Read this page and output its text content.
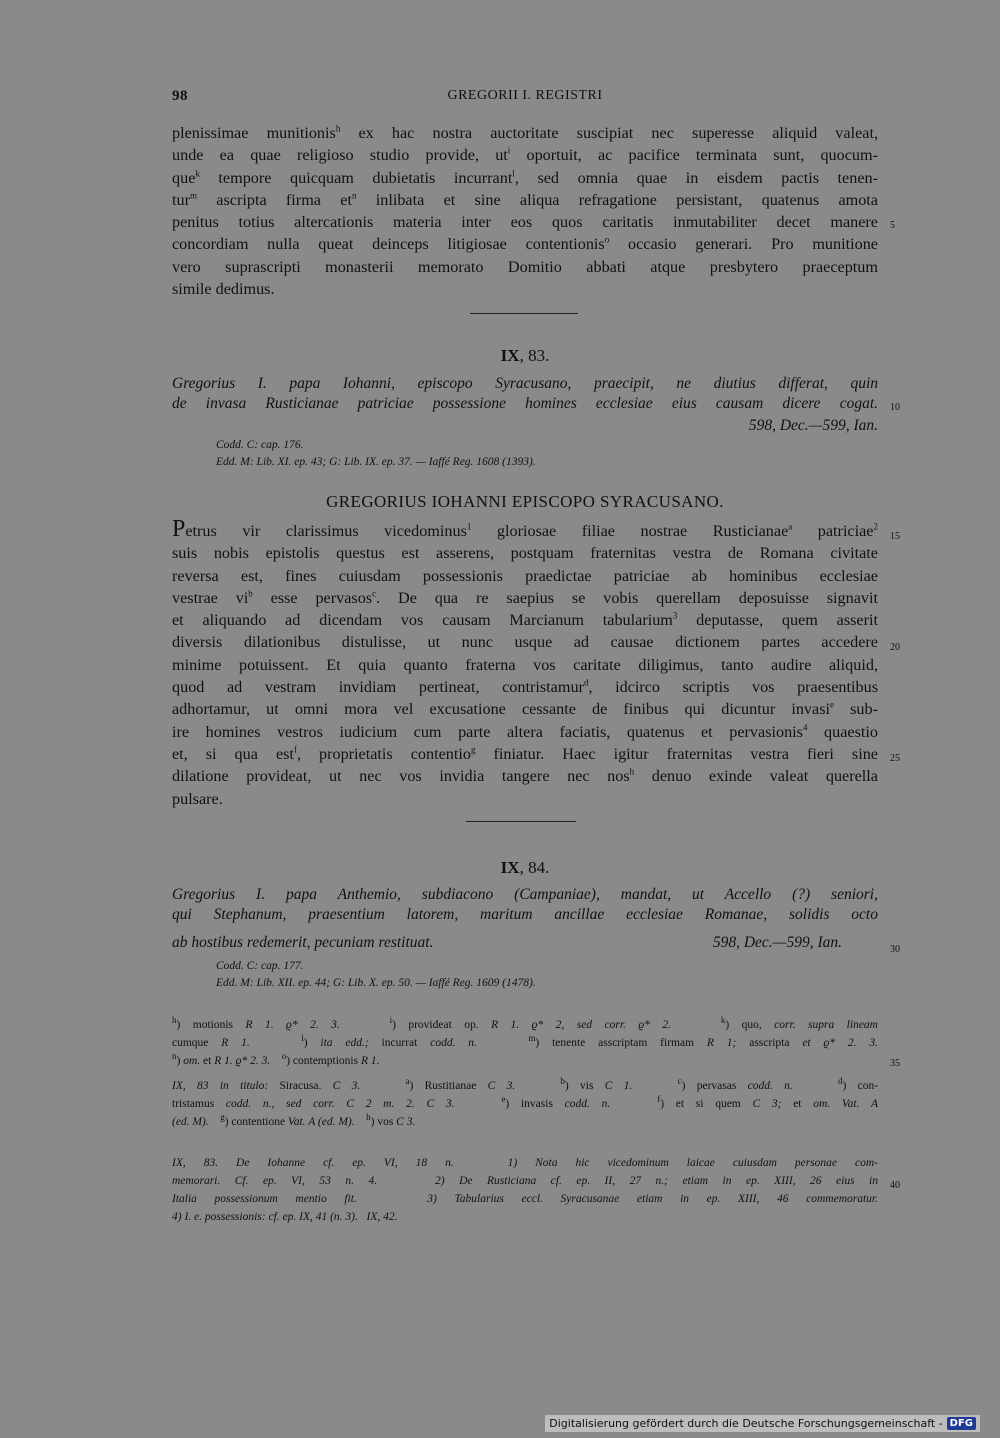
98	GREGORII I. REGISTRI
plenissimae munitionis$^h$ ex hac nostra auctoritate suscipiat nec superesse aliquid valeat,
unde ea quae religioso studio provide, $ut^i$ oportuit, ac pacifice terminata sunt, quocum-
que$^k$ tempore quicquam dubietatis incurrant$^l$, sed omnia quae in eisdem pactis tenen-
tur$^m$ ascripta firma $et^n$ inlibata et sine aliqua refragatione persistant, quatenus amota
penitus totius altercationis materia inter eos quos caritatis inmutabiliter decet manere
concordiam nulla queat deinceps litigiosae contentionis$^o$ occasio generari. Pro munitione
vero suprascripti monasterii memorato Domitio abbati atque presbytero praeceptum
simile dedimus.
5
IX, 83.
Gregorius I. papa Iohanni, episcopo Syracusano, praecipit, ne diutius differat, quin
de invasa Rusticianae patriciae possessione homines ecclesiae eius causam dicere cogat. 10
598, Dec.—599, Ian.
Codd. C: cap. 176.
Edd. M: Lib. XI. ep. 43; G: Lib. IX. ep. 37. — Iaffé Reg. 1608 (1393).
GREGORIUS IOHANNI EPISCOPO SYRACUSANO.
Petrus vir clarissimus vicedominus$^1$ gloriosae filiae nostrae Rusticianae$^a$ patriciae$^2$
suis nobis epistolis questus est asserens, postquam fraternitas vestra de Romana civitate
reversa est, fines cuiusdam possessionis praedictae patriciae ab hominibus ecclesiae
vestrae $vi^b$ esse pervasos$^c$. De qua re saepius se vobis querellam deposuisse signavit
et aliquando ad dicendam vos causam Marcianum tabularium$^3$ deputasse, quem asserit
diversis dilationibus distulisse, ut nunc usque ad causae dictionem partes accedere
minime potuissent. Et quia quanto fraterna vos caritate diligimus, tanto audire aliquid,
quod ad vestram invidiam pertineat, contristamur$^d$, idcirco scriptis vos praesentibus
adhortamur, ut omni mora vel excusatione cessante de finibus qui dicuntur invasi$^e$ sub-
ire homines vestros iudicium cum parte altera faciatis, quatenus et pervasionis$^4$ quaestio
et, si qua est$^f$, proprietatis contentio$^g$ finiatur. Haec igitur fraternitas vestra fieri sine
dilatione provideat, ut nec vos invidia tangere nec nos$^h$ denuo exinde valeat querella
pulsare.
15
20
25
IX, 84.
Gregorius I. papa Anthemio, subdiacono (Campaniae), mandat, ut Accello (?) seniori,
qui Stephanum, praesentium latorem, maritum ancillae ecclesiae Romanae, solidis octo
ab hostibus redemerit, pecuniam restituat.	598, Dec.—599, Ian.	30
Codd. C: cap. 177.
Edd. M: Lib. XII. ep. 44; G: Lib. X. ep. 50. — Iaffé Reg. 1609 (1478).
$^h$) motionis R 1. ϱ* 2. 3.	$^i$) provideat op. R 1. ϱ* 2, sed corr. ϱ* 2.	$^k$) quo, corr. supra lineam
cumque R 1.	$^l$) ita edd.; incurrat codd. n.	$^m$) tenente asscriptam firmam R 1; asscripta et ϱ* 2. 3.
$^n$) om. et R 1. ϱ* 2. 3. $^o$) contemptionis R 1.	35
IX, 83 in titulo: Siracusa. C 3.	$^a$) Rustitianae C 3.	$^b$) vis C 1.	$^c$) pervasas codd. n.	$^d$) con-
tristamus codd. n., sed corr. C 2 m. 2. C 3.	$^e$) invasis codd. n.	$^f$) et si quem C 3; et om. Vat. A
(ed. M). $^g$) contentione Vat. A (ed. M). $^h$) vos C 3.
IX, 83. De Iohanne cf. ep. VI, 18 n.   1) Nota hic vicedominum laicae cuiusdam personae com-
memorari. Cf. ep. VI, 53 n. 4.    2) De Rusticiana cf. ep. II, 27 n.; etiam in ep. XIII, 26 eius in
Italia possessionum mentio fit.    3) Tabularius eccl. Syracusanae etiam in ep. XIII, 46 commemoratur.
4) I. e. possessionis: cf. ep. IX, 41 (n. 3).   IX, 42.
40
Digitalisierung gefördert durch die Deutsche Forschungsgemeinschaft - DFG
